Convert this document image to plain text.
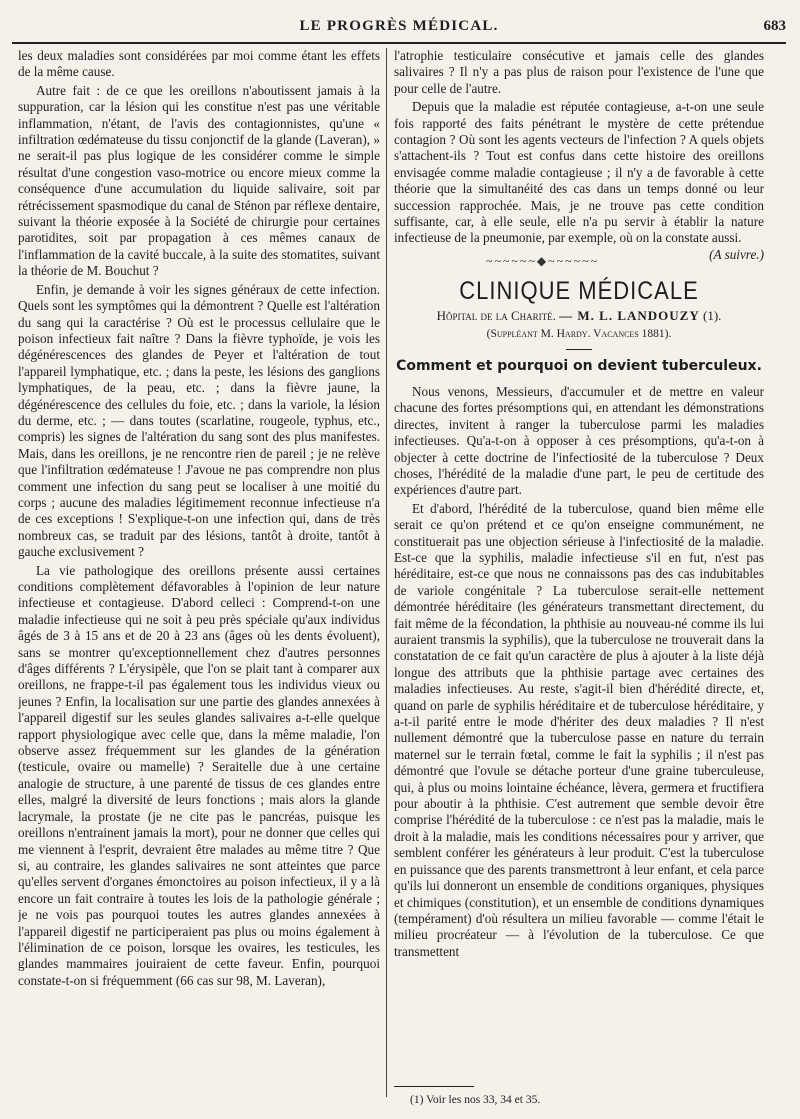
LE PROGRÈS MÉDICAL.	683

les deux maladies sont considérées par moi comme étant les effets de la même cause.

Autre fait : de ce que les oreillons n'aboutissent jamais à la suppuration, car la lésion qui les constitue n'est pas une véritable inflammation, n'étant, de l'avis des contagionnistes, qu'une « infiltration œdémateuse du tissu conjonctif de la glande (Laveran), » ne serait-il pas plus logique de les considérer comme le simple résultat d'une congestion vaso-motrice ou encore mieux comme la conséquence d'une accumulation du liquide salivaire, soit par rétrécissement spasmodique du canal de Sténon par réflexe dentaire, suivant la théorie exposée à la Société de chirurgie pour certaines parotidites, soit par propagation à ces mêmes canaux de l'inflammation de la cavité buccale, à la suite des stomatites, suivant la théorie de M. Bouchut ?

Enfin, je demande à voir les signes généraux de cette infection. Quels sont les symptômes qui la démontrent ? Quelle est l'altération du sang qui la caractérise ? Où est le processus cellulaire que le poison infectieux fait naître ? Dans la fièvre typhoïde, je vois les dégénérescences des glandes de Peyer et l'altération de tout l'appareil lymphatique, etc. ; dans la peste, les lésions des ganglions lymphatiques, de la peau, etc. ; dans la fièvre jaune, la dégénérescence des cellules du foie, etc. ; dans la variole, la lésion du derme, etc. ; — dans toutes (scarlatine, rougeole, typhus, etc., compris) les signes de l'altération du sang sont des plus manifestes. Mais, dans les oreillons, je ne rencontre rien de pareil ; je ne relève que l'infiltration œdémateuse ! J'avoue ne pas comprendre non plus comment une infection du sang peut se localiser à une moitié du corps ; aucune des maladies légitimement reconnue infectieuse n'a de ces exceptions ! S'explique-t-on une infection qui, dans de très nombreux cas, se traduit par des lésions, tantôt à droite, tantôt à gauche exclusivement ?

La vie pathologique des oreillons présente aussi certaines conditions complètement défavorables à l'opinion de leur nature infectieuse et contagieuse. D'abord celleci : Comprend-t-on une maladie infectieuse qui ne soit à peu près spéciale qu'aux individus âgés de 3 à 15 ans et de 20 à 23 ans (âges où les dents évoluent), sans se montrer qu'exceptionnellement chez d'autres personnes d'âges différents ? L'érysipèle, que l'on se plait tant à comparer aux oreillons, ne frappe-t-il pas également tous les individus vieux ou jeunes ? Enfin, la localisation sur une partie des glandes annexées à l'appareil digestif sur les seules glandes salivaires a-t-elle quelque rapport physiologique avec celle que, dans la même maladie, l'on observe assez fréquemment sur les glandes de la génération (testicule, ovaire ou mamelle) ? Seraitelle due à une certaine analogie de structure, à une parenté de tissus de ces glandes entre elles, malgré la diversité de leurs fonctions ; mais alors la glande lacrymale, la prostate (je ne cite pas le pancréas, puisque les oreillons n'entrainent jamais la mort), pour ne donner que celles qui me viennent à l'esprit, devraient être malades au même titre ? Que si, au contraire, les glandes salivaires ne sont atteintes que parce qu'elles servent d'organes émonctoires au poison infectieux, il y a là encore un fait contraire à toutes les lois de la pathologie générale ; je ne vois pas pourquoi toutes les autres glandes annexées à l'appareil digestif ne participeraient pas plus ou moins également à l'élimination de ce poison, lorsque les ovaires, les testicules, les glandes mammaires jouiraient de cette faveur. Enfin, pourquoi constate-t-on si fréquemment (66 cas sur 98, M. Laveran),

l'atrophie testiculaire consécutive et jamais celle des glandes salivaires ? Il n'y a pas plus de raison pour l'existence de l'une que pour celle de l'autre.

Depuis que la maladie est réputée contagieuse, a-t-on une seule fois rapporté des faits pénétrant le mystère de cette prétendue contagion ? Où sont les agents vecteurs de l'infection ? A quels objets s'attachent-ils ? Tout est confus dans cette histoire des oreillons envisagée comme maladie contagieuse ; il n'y a de favorable à cette théorie que la simultanéité des cas dans un temps donné ou leur succession rapprochée. Mais, je ne trouve pas cette condition suffisante, car, à elle seule, elle n'a pu servir à établir la nature infectieuse de la pneumonie, par exemple, où on la constate aussi.
(A suivre.)

~~~~~~◆~~~~~~
CLINIQUE MÉDICALE
Hôpital de la Charité. — M. L. LANDOUZY (1).
(Suppléant M. Hardy. Vacances 1881).
Comment et pourquoi on devient tuberculeux.

Nous venons, Messieurs, d'accumuler et de mettre en valeur chacune des fortes présomptions qui, en attendant les démonstrations directes, invitent à ranger la tuberculose parmi les maladies infectieuses. Qu'a-t-on à opposer à ces présomptions, qu'a-t-on à objecter à cette doctrine de l'infectiosité de la tuberculose ? Deux choses, l'hérédité de la maladie d'une part, le peu de certitude des expériences d'autre part.

Et d'abord, l'hérédité de la tuberculose, quand bien même elle serait ce qu'on prétend et ce qu'on enseigne communément, ne constituerait pas une objection sérieuse à l'infectiosité de la maladie. Est-ce que la syphilis, maladie infectieuse s'il en fut, n'est pas héréditaire, est-ce que nous ne connaissons pas des cas indubitables de variole congénitale ? La tuberculose serait-elle nettement démontrée héréditaire (les générateurs transmettant directement, du fait même de la fécondation, la phthisie au nouveau-né comme ils lui auraient transmis la syphilis), que la tuberculose ne trouverait dans la constatation de ce fait qu'un caractère de plus à ajouter à la liste déjà longue des attributs que la phthisie partage avec certaines des maladies infectieuses. Au reste, s'agit-il bien d'hérédité directe, et, quand on parle de syphilis héréditaire et de tuberculose héréditaire, y a-t-il parité entre le mode d'hériter des deux maladies ? Il n'est nullement démontré que la tuberculose passe en nature du terrain maternel sur le terrain fœtal, comme le fait la syphilis ; il n'est pas démontré que l'ovule se détache porteur d'une graine tuberculeuse, qui, à plus ou moins lointaine échéance, lèvera, germera et fructifiera pour aboutir à la phthisie. C'est autrement que semble devoir être comprise l'hérédité de la tuberculose : ce n'est pas la maladie, mais le droit à la maladie, mais les conditions nécessaires pour y arriver, que semblent conférer les générateurs à leur produit. C'est la tuberculose en puissance que des parents transmettront à leur enfant, et cela parce qu'ils lui donneront un ensemble de conditions organiques, physiques et chimiques (constitution), et un ensemble de conditions dynamiques (tempérament) d'où résultera un milieu favorable — comme l'était le milieu procréateur — à l'évolution de la tuberculose. Ce que transmettent

(1) Voir les nos 33, 34 et 35.
